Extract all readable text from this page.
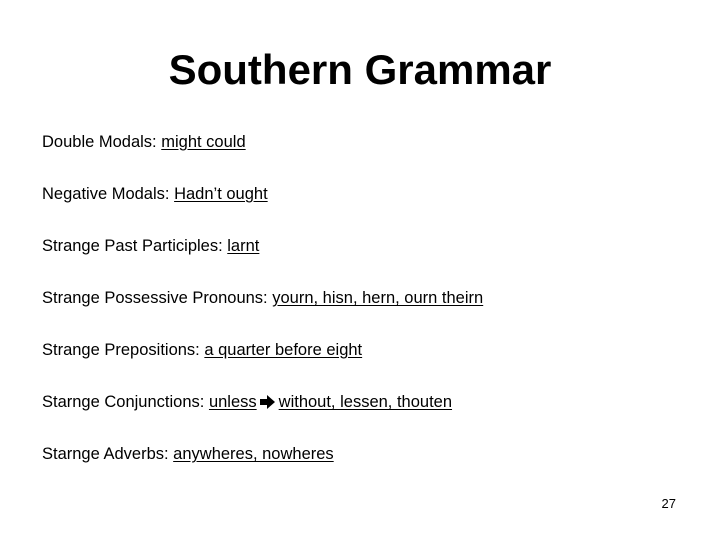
Southern Grammar
Double Modals: might could
Negative Modals: Hadn’t ought
Strange Past Participles: larnt
Strange Possessive Pronouns: yourn, hisn, hern, ourn theirn
Strange Prepositions: a quarter before eight
Starnge Conjunctions: unless without, lessen, thouten
Starnge Adverbs: anywheres, nowheres
27
